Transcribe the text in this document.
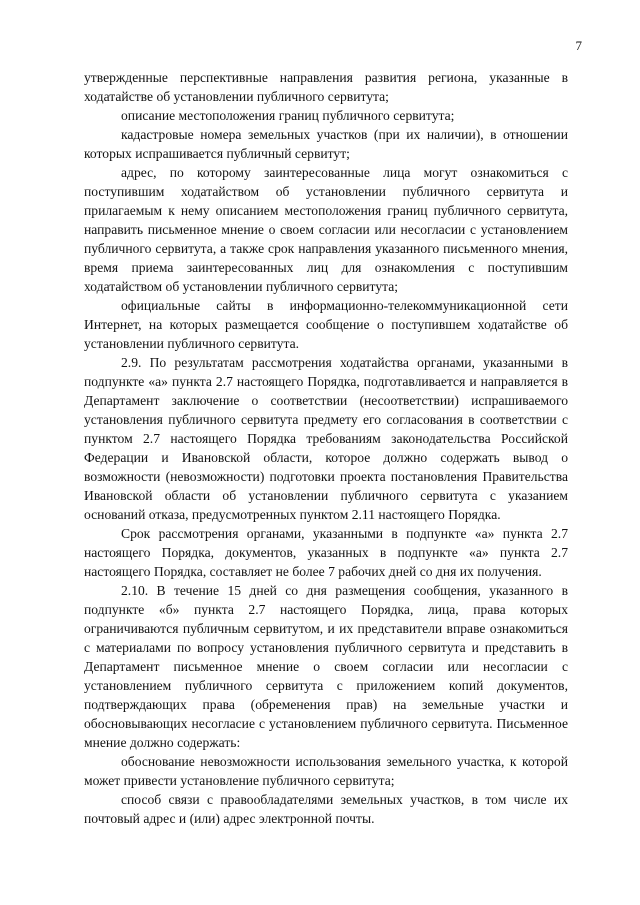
7

утвержденные перспективные направления развития региона, указанные в ходатайстве об установлении публичного сервитута;

описание местоположения границ публичного сервитута;

кадастровые номера земельных участков (при их наличии), в отношении которых испрашивается публичный сервитут;

адрес, по которому заинтересованные лица могут ознакомиться с поступившим ходатайством об установлении публичного сервитута и прилагаемым к нему описанием местоположения границ публичного сервитута, направить письменное мнение о своем согласии или несогласии с установлением публичного сервитута, а также срок направления указанного письменного мнения, время приема заинтересованных лиц для ознакомления с поступившим ходатайством об установлении публичного сервитута;

официальные сайты в информационно-телекоммуникационной сети Интернет, на которых размещается сообщение о поступившем ходатайстве об установлении публичного сервитута.

2.9. По результатам рассмотрения ходатайства органами, указанными в подпункте «а» пункта 2.7 настоящего Порядка, подготавливается и направляется в Департамент заключение о соответствии (несоответствии) испрашиваемого установления публичного сервитута предмету его согласования в соответствии с пунктом 2.7 настоящего Порядка требованиям законодательства Российской Федерации и Ивановской области, которое должно содержать вывод о возможности (невозможности) подготовки проекта постановления Правительства Ивановской области об установлении публичного сервитута с указанием оснований отказа, предусмотренных пунктом 2.11 настоящего Порядка.

Срок рассмотрения органами, указанными в подпункте «а» пункта 2.7 настоящего Порядка, документов, указанных в подпункте «а» пункта 2.7 настоящего Порядка, составляет не более 7 рабочих дней со дня их получения.

2.10. В течение 15 дней со дня размещения сообщения, указанного в подпункте «б» пункта 2.7 настоящего Порядка, лица, права которых ограничиваются публичным сервитутом, и их представители вправе ознакомиться с материалами по вопросу установления публичного сервитута и представить в Департамент письменное мнение о своем согласии или несогласии с установлением публичного сервитута с приложением копий документов, подтверждающих права (обременения прав) на земельные участки и обосновывающих несогласие с установлением публичного сервитута. Письменное мнение должно содержать:

обоснование невозможности использования земельного участка, к которой может привести установление публичного сервитута;

способ связи с правообладателями земельных участков, в том числе их почтовый адрес и (или) адрес электронной почты.
